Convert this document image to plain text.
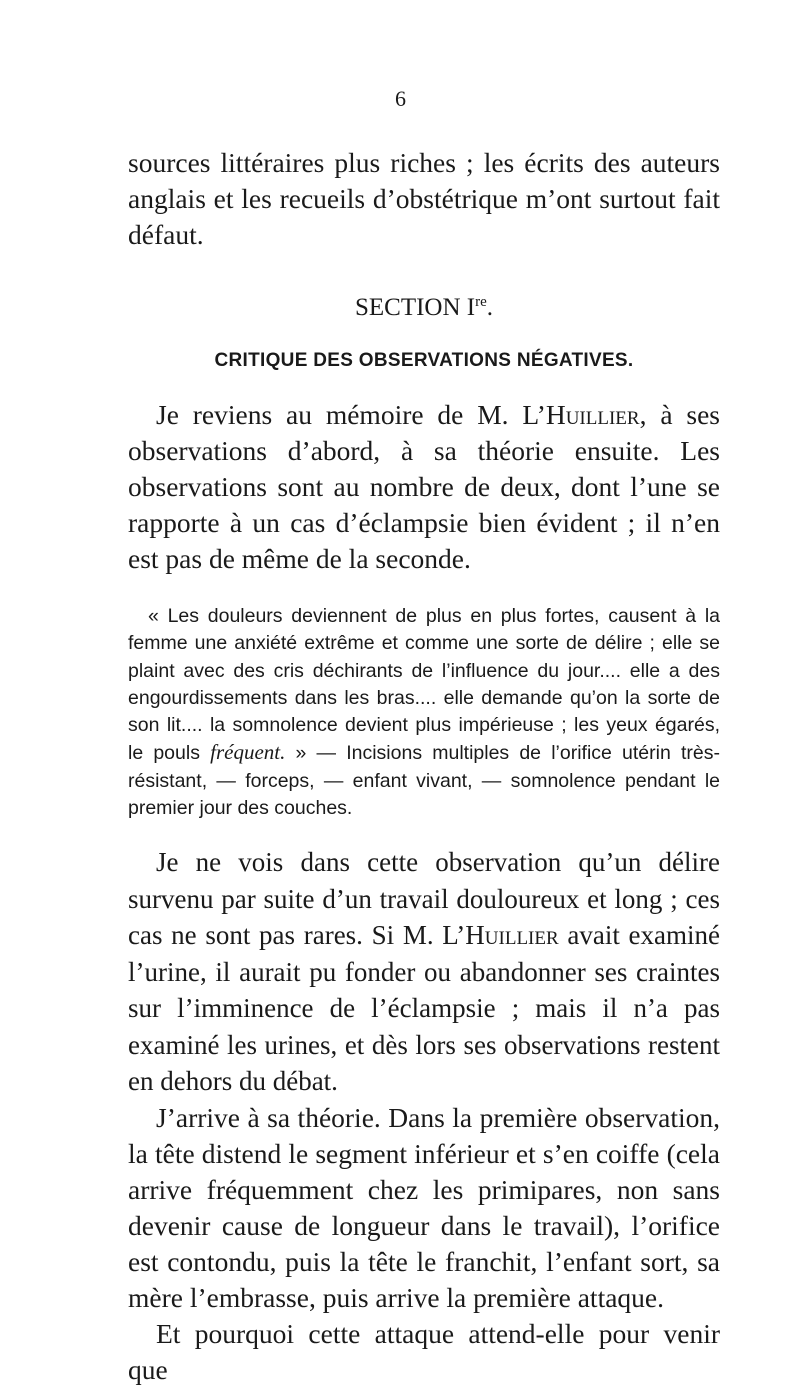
6

sources littéraires plus riches ; les écrits des auteurs anglais et les recueils d’obstétrique m’ont surtout fait défaut.

SECTION Ire.
CRITIQUE DES OBSERVATIONS NÉGATIVES.

Je reviens au mémoire de M. L’Huillier, à ses observations d’abord, à sa théorie ensuite. Les observations sont au nombre de deux, dont l’une se rapporte à un cas d’éclampsie bien évident ; il n’en est pas de même de la seconde.

« Les douleurs deviennent de plus en plus fortes, causent à la femme une anxiété extrême et comme une sorte de délire ; elle se plaint avec des cris déchirants de l’influence du jour.... elle a des engourdissements dans les bras.... elle demande qu’on la sorte de son lit.... la somnolence devient plus impérieuse ; les yeux égarés, le pouls fréquent. » — Incisions multiples de l’orifice utérin très-résistant, — forceps, — enfant vivant, — somnolence pendant le premier jour des couches.

Je ne vois dans cette observation qu’un délire survenu par suite d’un travail douloureux et long ; ces cas ne sont pas rares. Si M. L’Huillier avait examiné l’urine, il aurait pu fonder ou abandonner ses craintes sur l’imminence de l’éclampsie ; mais il n’a pas examiné les urines, et dès lors ses observations restent en dehors du débat.

J’arrive à sa théorie. Dans la première observation, la tête distend le segment inférieur et s’en coiffe (cela arrive fréquemment chez les primipares, non sans devenir cause de longueur dans le travail), l’orifice est contondu, puis la tête le franchit, l’enfant sort, sa mère l’embrasse, puis arrive la première attaque.

Et pourquoi cette attaque attend-elle pour venir que
